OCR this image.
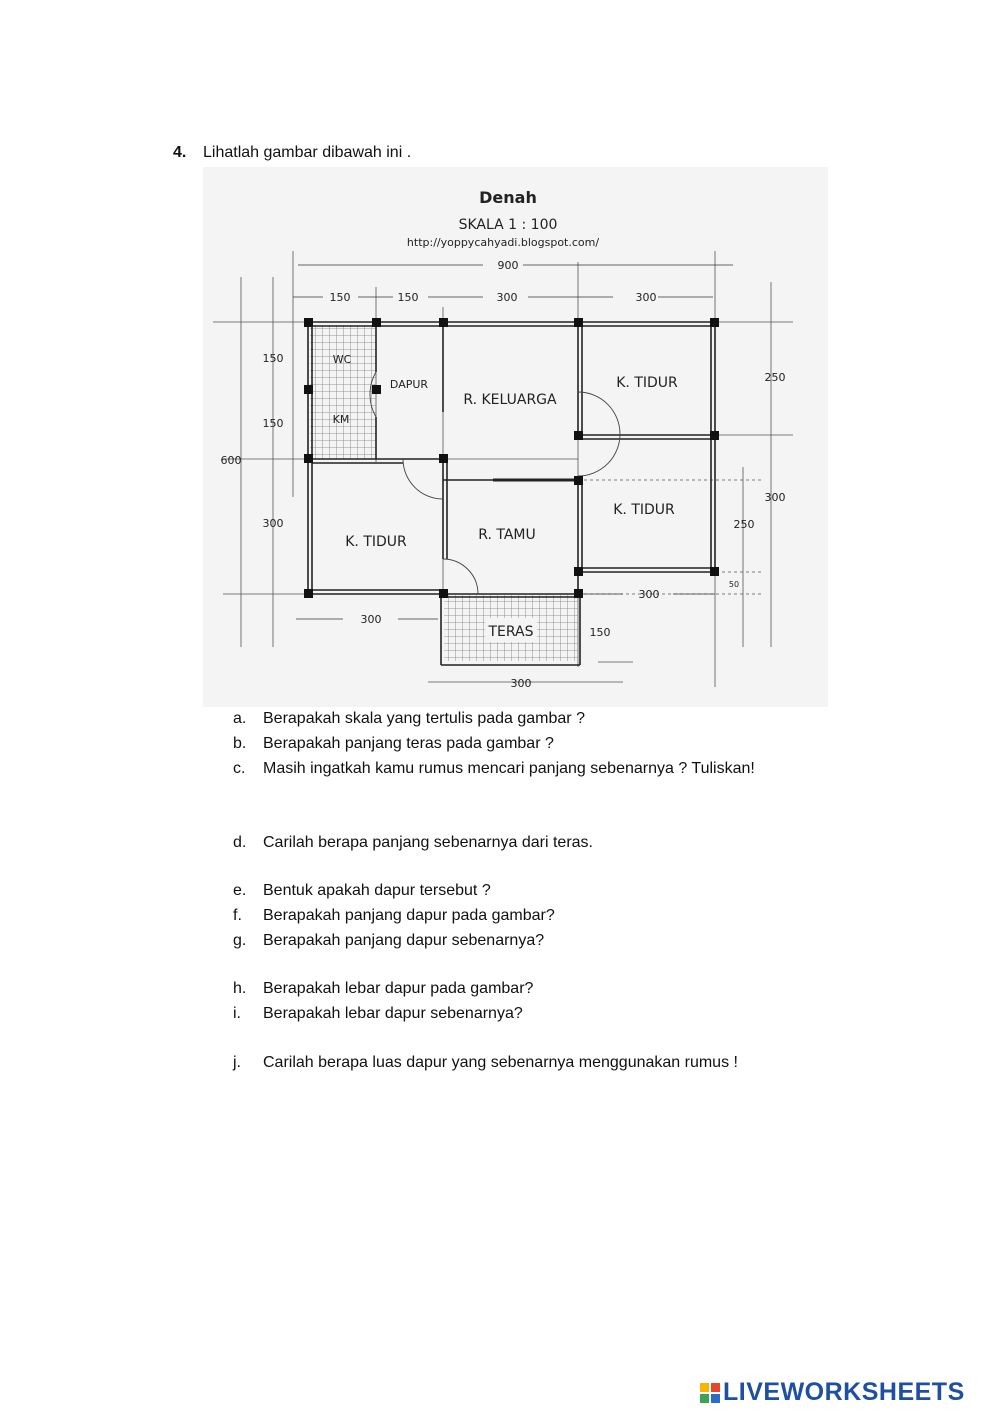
4. Lihatlah gambar dibawah ini .
Denah
SKALA 1 : 100
http://yoppycahyadi.blogspot.com/
900
150	150	300	300
150
150
600
300
250
300
250
50
300
300
150
300
WC
KM
DAPUR
R. KELUARGA
K. TIDUR
K. TIDUR
K. TIDUR	R. TAMU
TERAS
a. Berapakah skala yang tertulis pada gambar ?
b. Berapakah panjang teras pada gambar ?
c. Masih ingatkah kamu rumus mencari panjang sebenarnya ? Tuliskan!
d. Carilah berapa panjang sebenarnya dari teras.
e. Bentuk apakah dapur tersebut ?
f. Berapakah panjang dapur pada gambar?
g. Berapakah panjang dapur sebenarnya?
h. Berapakah lebar dapur pada gambar?
i. Berapakah lebar dapur sebenarnya?
j. Carilah berapa luas dapur yang sebenarnya menggunakan rumus !
LIVEWORKSHEETS
